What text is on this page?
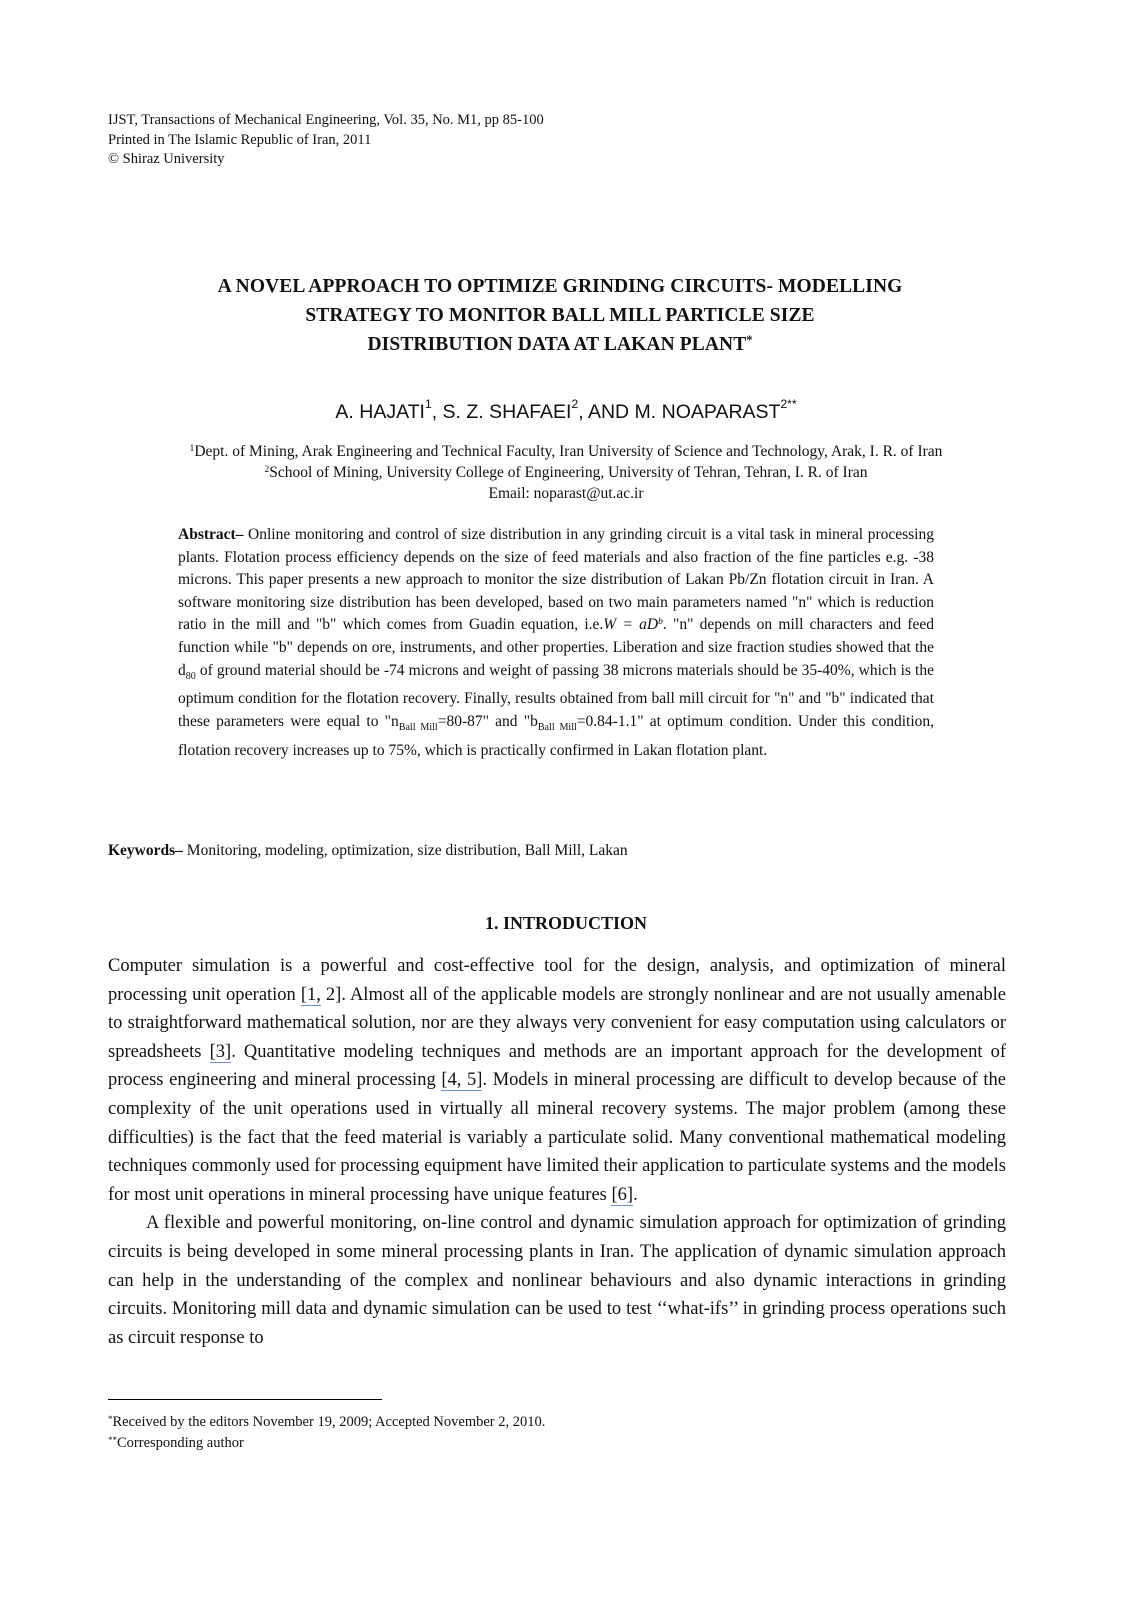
IJST, Transactions of Mechanical Engineering, Vol. 35, No. M1, pp 85-100
Printed in The Islamic Republic of Iran, 2011
© Shiraz University
A NOVEL APPROACH TO OPTIMIZE GRINDING CIRCUITS- MODELLING
STRATEGY TO MONITOR BALL MILL PARTICLE SIZE
DISTRIBUTION DATA AT LAKAN PLANT*
A. HAJATI$^1$, S. Z. SHAFAEI$^2$, AND M. $NOAPARAST^{2**}$
$^1$Dept. of Mining, Arak Engineering and Technical Faculty, Iran University of Science and Technology, Arak, I. R. of Iran
$^2$School of Mining, University College of Engineering, University of Tehran, Tehran, I. R. of Iran
Email: noparast@ut.ac.ir
Abstract– Online monitoring and control of size distribution in any grinding circuit is a vital task in mineral processing plants. Flotation process efficiency depends on the size of feed materials and also fraction of the fine particles e.g. -38 microns. This paper presents a new approach to monitor the size distribution of Lakan Pb/Zn flotation circuit in Iran. A software monitoring size distribution has been developed, based on two main parameters named "n" which is reduction ratio in the mill and "b" which comes from Guadin equation, $i.e.W = aD^b$. "n" depends on mill characters and feed function while "b" depends on ore, instruments, and other properties. Liberation and size fraction studies showed that the $d_{80}$ of ground material should be -74 microns and weight of passing 38 microns materials should be 35-40%, which is the optimum condition for the flotation recovery. Finally, results obtained from ball mill circuit for "n" and "b" indicated that these parameters were equal to "$n_{Ball Mill}=80-87$" and "$b_{Ball Mill}=0.84-1.1$" at optimum condition. Under this condition, flotation recovery increases up to 75%, which is practically confirmed in Lakan flotation plant.
Keywords– Monitoring, modeling, optimization, size distribution, Ball Mill, Lakan
1. INTRODUCTION

Computer simulation is a powerful and cost-effective tool for the design, analysis, and optimization of mineral processing unit operation [1, 2]. Almost all of the applicable models are strongly nonlinear and are not usually amenable to straightforward mathematical solution, nor are they always very convenient for easy computation using calculators or spreadsheets [3]. Quantitative modeling techniques and methods are an important approach for the development of process engineering and mineral processing [4, 5]. Models in mineral processing are difficult to develop because of the complexity of the unit operations used in virtually all mineral recovery systems. The major problem (among these difficulties) is the fact that the feed material is variably a particulate solid. Many conventional mathematical modeling techniques commonly used for processing equipment have limited their application to particulate systems and the models for most unit operations in mineral processing have unique features [6].

A flexible and powerful monitoring, on-line control and dynamic simulation approach for optimization of grinding circuits is being developed in some mineral processing plants in Iran. The application of dynamic simulation approach can help in the understanding of the complex and nonlinear behaviours and also dynamic interactions in grinding circuits. Monitoring mill data and dynamic simulation can be used to test ‘‘what-ifs’’ in grinding process operations such as circuit response to

*Received by the editors November 19, 2009; Accepted November 2, 2010.
**Corresponding author
